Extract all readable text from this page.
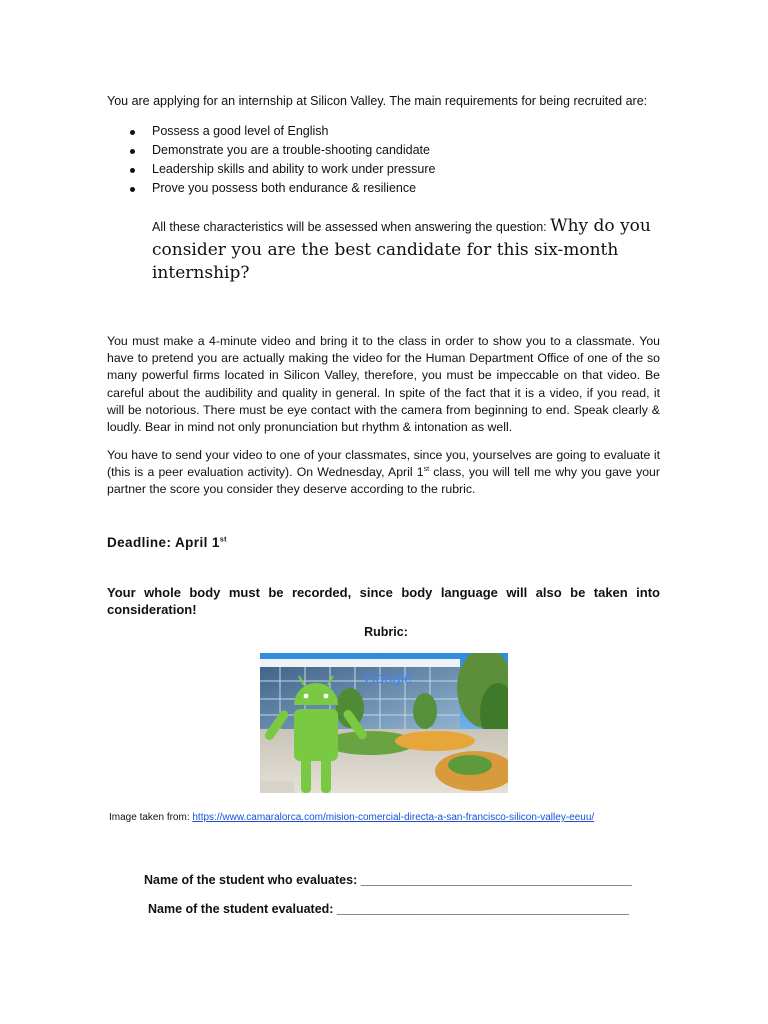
You are applying for an internship at Silicon Valley. The main requirements for being recruited are:
Possess a good level of English
Demonstrate you are a trouble-shooting candidate
Leadership skills and ability to work under pressure
Prove you possess both endurance & resilience
All these characteristics will be assessed when answering the question: Why do you consider you are the best candidate for this six-month internship?
You must make a 4-minute video and bring it to the class in order to show you to a classmate. You have to pretend you are actually making the video for the Human Department Office of one of the so many powerful firms located in Silicon Valley, therefore, you must be impeccable on that video. Be careful about the audibility and quality in general. In spite of the fact that it is a video, if you read, it will be notorious. There must be eye contact with the camera from beginning to end. Speak clearly & loudly. Bear in mind not only pronunciation but rhythm & intonation as well.
You have to send your video to one of your classmates, since you, yourselves are going to evaluate it (this is a peer evaluation activity). On Wednesday, April 1st class, you will tell me why you gave your partner the score you consider they deserve according to the rubric.
Deadline: April 1st
Your whole body must be recorded, since body language will also be taken into consideration!
Rubric:
Google
Image taken from: https://www.camaralorca.com/mision-comercial-directa-a-san-francisco-silicon-valley-eeuu/
Name of the student who evaluates: _______________________________________
Name of the student evaluated: __________________________________________
